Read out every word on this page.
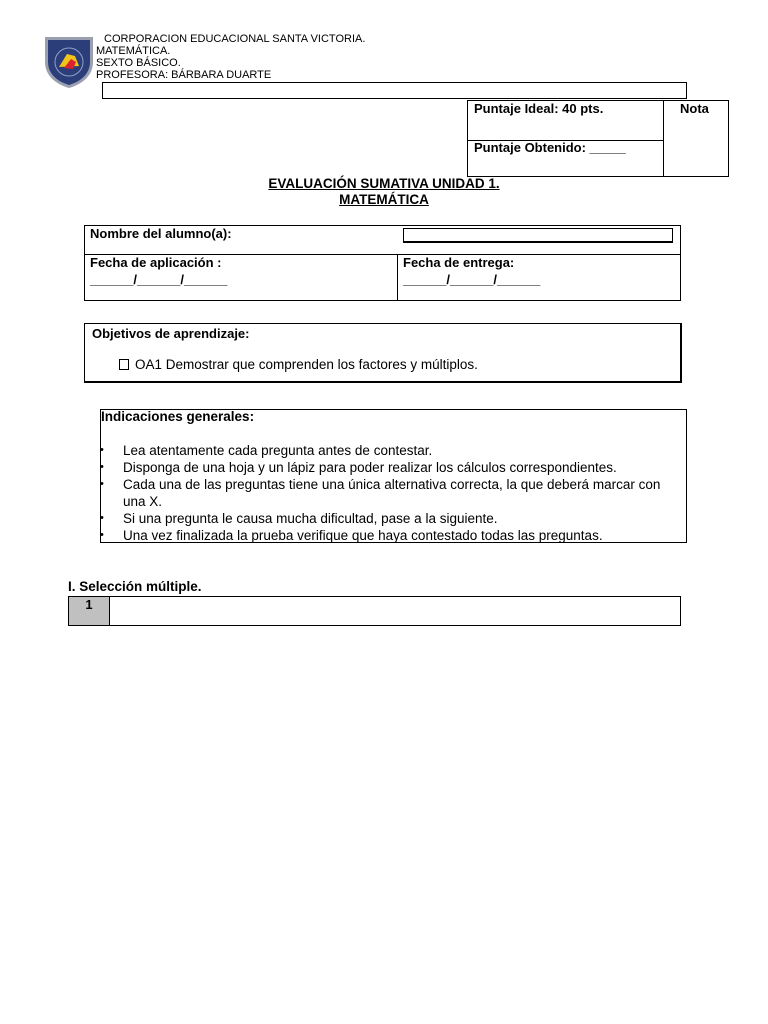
CORPORACION EDUCACIONAL SANTA VICTORIA.
MATEMÁTICA.
SEXTO BÁSICO.
PROFESORA: BÁRBARA DUARTE
Puntaje Ideal: 40 pts.
Puntaje Obtenido: _____
Nota
EVALUACIÓN SUMATIVA UNIDAD 1.
MATEMÁTICA
Nombre del alumno(a):
Fecha de aplicación :
______/______/______
Fecha de entrega:
______/______/______
Objetivos de aprendizaje:
OA1 Demostrar que comprenden los factores y múltiplos.
Indicaciones generales:
• Lea atentamente cada pregunta antes de contestar.
• Disponga de una hoja y un lápiz para poder realizar los cálculos correspondientes.
• Cada una de las preguntas tiene una única alternativa correcta, la que deberá marcar con una X.
• Si una pregunta le causa mucha dificultad, pase a la siguiente.
• Una vez finalizada la prueba verifique que haya contestado todas las preguntas.
I. Selección múltiple.
1
